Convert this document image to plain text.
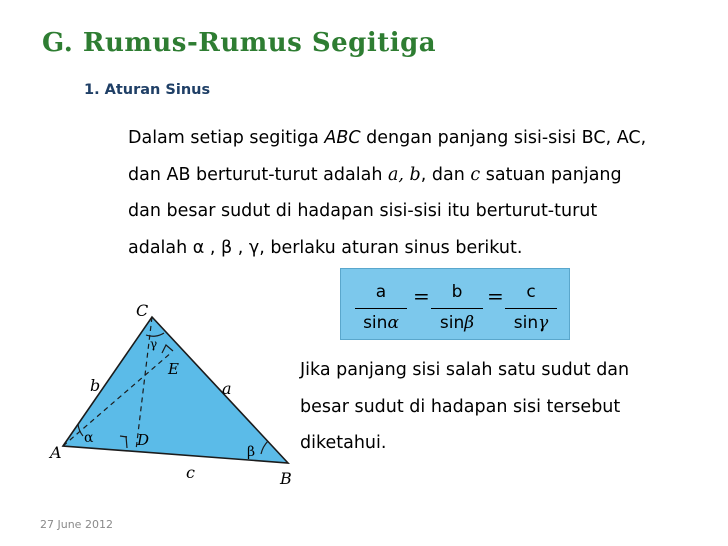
G. Rumus-Rumus Segitiga
1. Aturan Sinus
Dalam setiap segitiga ABC dengan panjang sisi-sisi BC, AC,
dan AB berturut-turut adalah a, b, dan c satuan panjang
dan besar sudut di hadapan sisi-sisi itu berturut-turut
adalah α , β , γ, berlaku aturan sinus berikut.
a
sinα
=	b
sinβ
=	c
sinγ
Jika panjang sisi salah satu sudut dan
besar sudut di hadapan sisi tersebut
diketahui.
C
A
B
D
E
b	a
c
α
β
γ
27 June 2012
